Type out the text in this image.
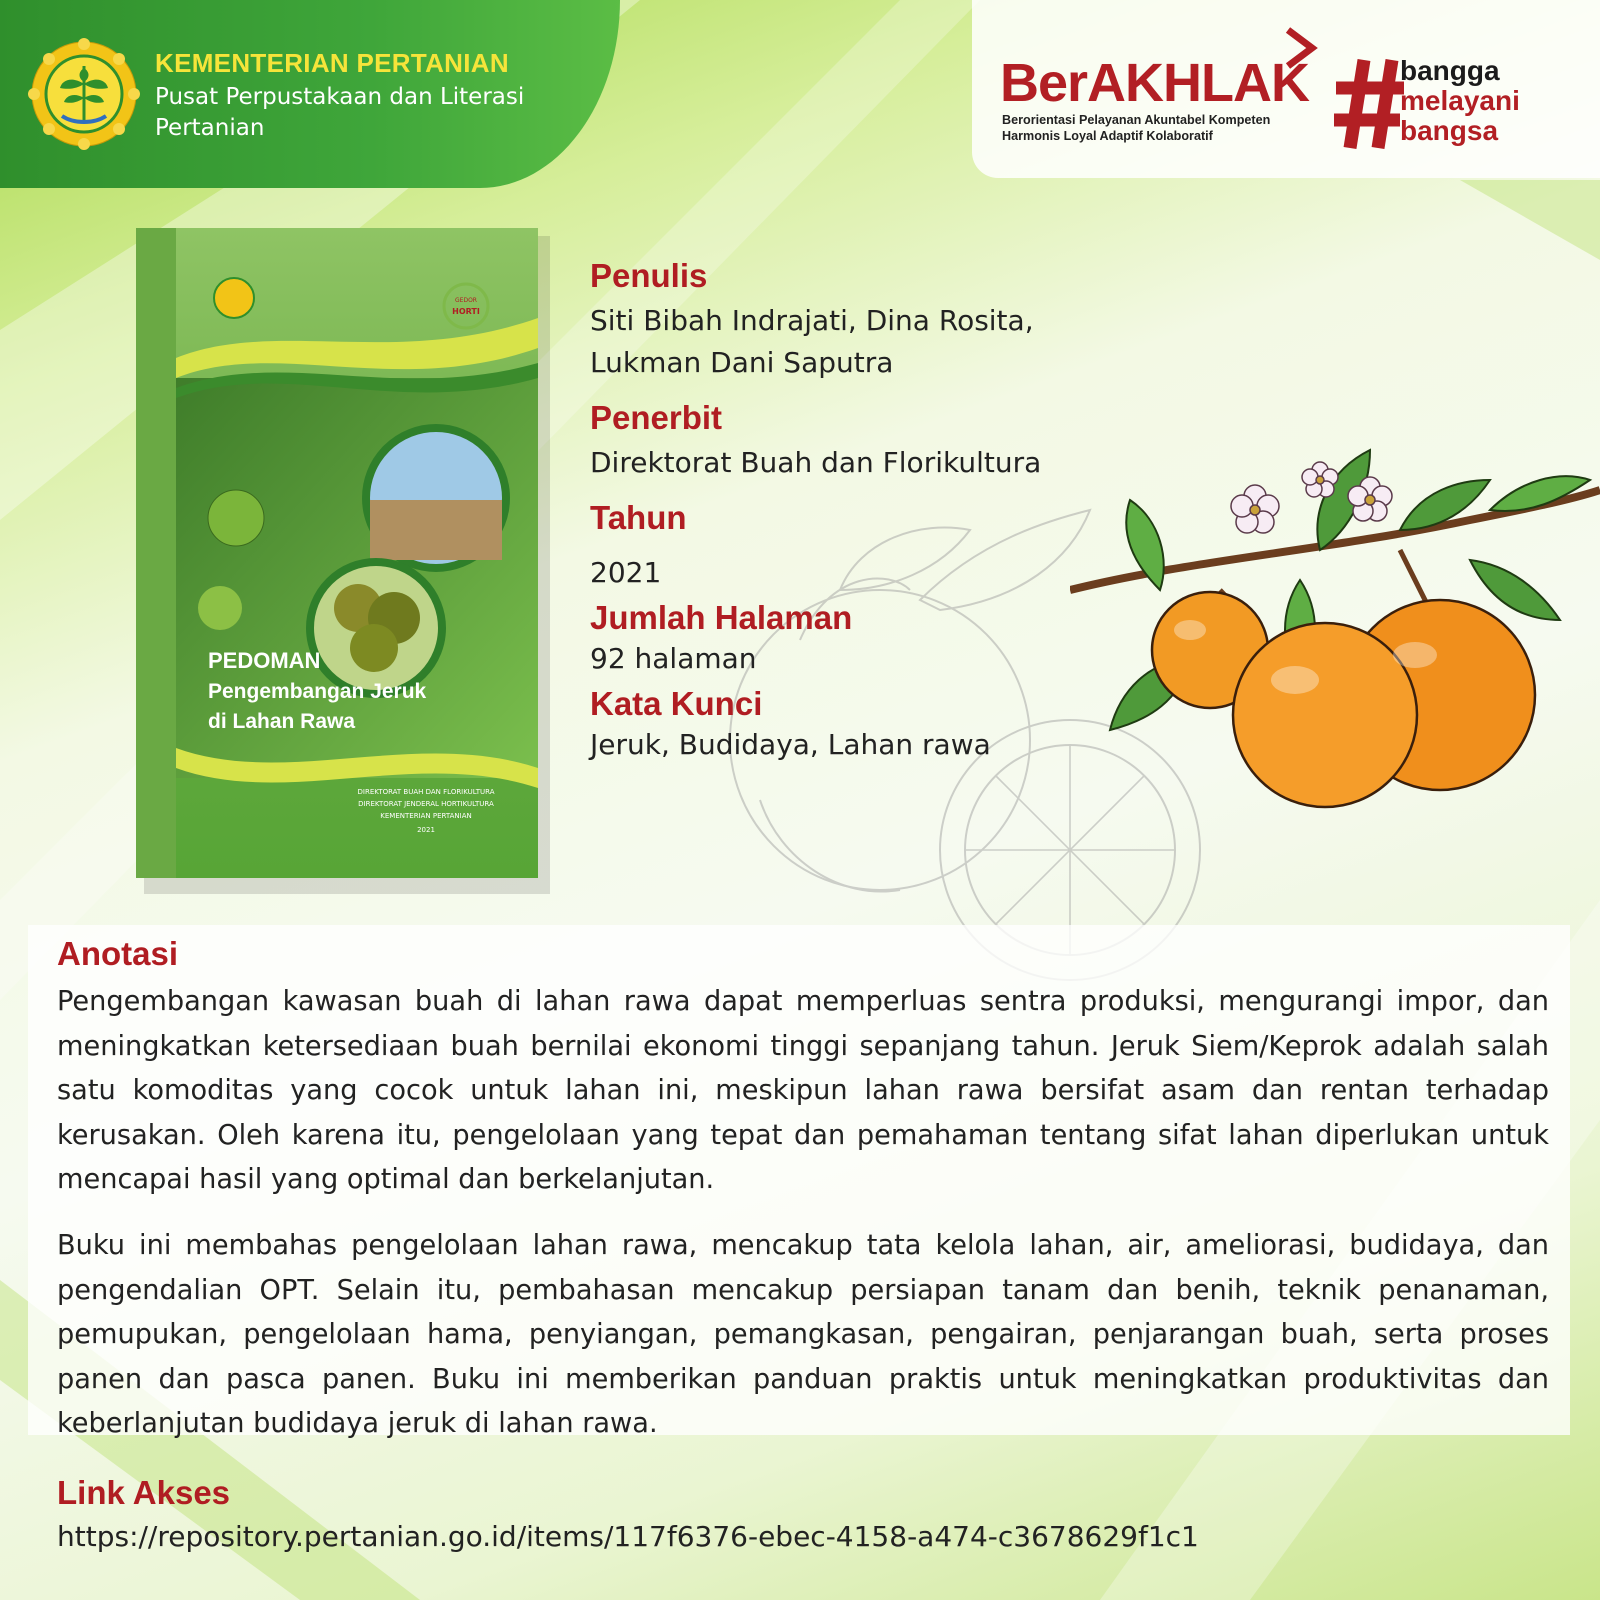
KEMENTERIAN PERTANIAN
Pusat Perpustakaan dan Literasi Pertanian
BerAKHLAK
Berorientasi Pelayanan Akuntabel Kompeten
Harmonis Loyal Adaptif Kolaboratif
bangga
melayani
bangsa
GEDOR
HORTI
PEDOMAN
Pengembangan Jeruk
di Lahan Rawa
DIREKTORAT BUAH DAN FLORIKULTURA
DIREKTORAT JENDERAL HORTIKULTURA
KEMENTERIAN PERTANIAN
2021
Penulis
Siti Bibah Indrajati, Dina Rosita,
Lukman Dani Saputra
Penerbit
Direktorat Buah dan Florikultura
Tahun
2021
Jumlah Halaman
92 halaman
Kata Kunci
Jeruk, Budidaya, Lahan rawa
Anotasi

Pengembangan kawasan buah di lahan rawa dapat memperluas sentra produksi, mengurangi impor, dan meningkatkan ketersediaan buah bernilai ekonomi tinggi sepanjang tahun. Jeruk Siem/Keprok adalah salah satu komoditas yang cocok untuk lahan ini, meskipun lahan rawa bersifat asam dan rentan terhadap kerusakan. Oleh karena itu, pengelolaan yang tepat dan pemahaman tentang sifat lahan diperlukan untuk mencapai hasil yang optimal dan berkelanjutan.

Buku ini membahas pengelolaan lahan rawa, mencakup tata kelola lahan, air, ameliorasi, budidaya, dan pengendalian OPT. Selain itu, pembahasan mencakup persiapan tanam dan benih, teknik penanaman, pemupukan, pengelolaan hama, penyiangan, pemangkasan, pengairan, penjarangan buah, serta proses panen dan pasca panen. Buku ini memberikan panduan praktis untuk meningkatkan produktivitas dan keberlanjutan budidaya jeruk di lahan rawa.

Link Akses
https://repository.pertanian.go.id/items/117f6376-ebec-4158-a474-c3678629f1c1
